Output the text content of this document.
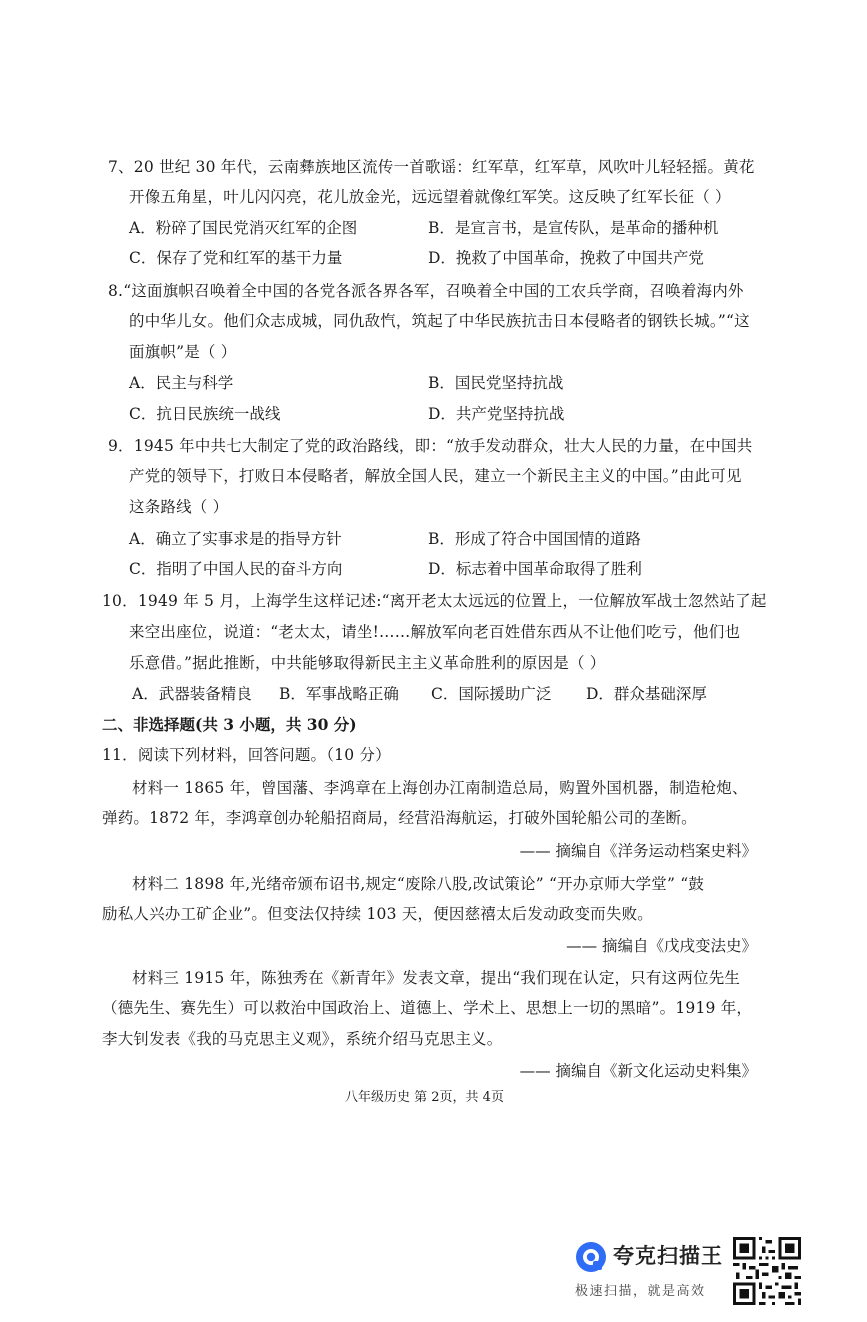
7、20 世纪 30 年代，云南彝族地区流传一首歌谣：红军草，红军草，风吹叶儿轻轻摇。黄花
开像五角星，叶儿闪闪亮，花儿放金光，远远望着就像红军笑。这反映了红军长征（ ）
A．粉碎了国民党消灭红军的企图	B．是宣言书，是宣传队，是革命的播种机
C．保存了党和红军的基干力量	D．挽救了中国革命，挽救了中国共产党
8.“这面旗帜召唤着全中国的各党各派各界各军，召唤着全中国的工农兵学商，召唤着海内外
的中华儿女。他们众志成城，同仇敌忾，筑起了中华民族抗击日本侵略者的钢铁长城。”“这
面旗帜”是（ ）
A．民主与科学	B．国民党坚持抗战
C．抗日民族统一战线	D．共产党坚持抗战
9．1945 年中共七大制定了党的政治路线，即：“放手发动群众，壮大人民的力量，在中国共
产党的领导下，打败日本侵略者，解放全国人民，建立一个新民主主义的中国。”由此可见
这条路线（ ）
A．确立了实事求是的指导方针	B．形成了符合中国国情的道路
C．指明了中国人民的奋斗方向	D．标志着中国革命取得了胜利
10．1949 年 5 月，上海学生这样记述:“离开老太太远远的位置上，一位解放军战士忽然站了起
来空出座位，说道：“老太太，请坐!……解放军向老百姓借东西从不让他们吃亏，他们也
乐意借。”据此推断，中共能够取得新民主主义革命胜利的原因是（ ）
A．武器装备精良 B．军事战略正确 C．国际援助广泛 D．群众基础深厚
二、非选择题(共 3 小题，共 30 分)
11．阅读下列材料，回答问题。（10 分）
材料一 1865 年，曾国藩、李鸿章在上海创办江南制造总局，购置外国机器，制造枪炮、
弹药。1872 年，李鸿章创办轮船招商局，经营沿海航运，打破外国轮船公司的垄断。
—— 摘编自《洋务运动档案史料》
材料二 1898 年,光绪帝颁布诏书,规定“废除八股,改试策论” “开办京师大学堂” “鼓
励私人兴办工矿企业”。但变法仅持续 103 天，便因慈禧太后发动政变而失败。
—— 摘编自《戊戌变法史》
材料三 1915 年，陈独秀在《新青年》发表文章，提出“我们现在认定，只有这两位先生
（德先生、赛先生）可以救治中国政治上、道德上、学术上、思想上一切的黑暗”。1919 年，
李大钊发表《我的马克思主义观》，系统介绍马克思主义。
—— 摘编自《新文化运动史料集》
八年级历史 第 2页，共 4页
夸克扫描王
极速扫描，就是高效
